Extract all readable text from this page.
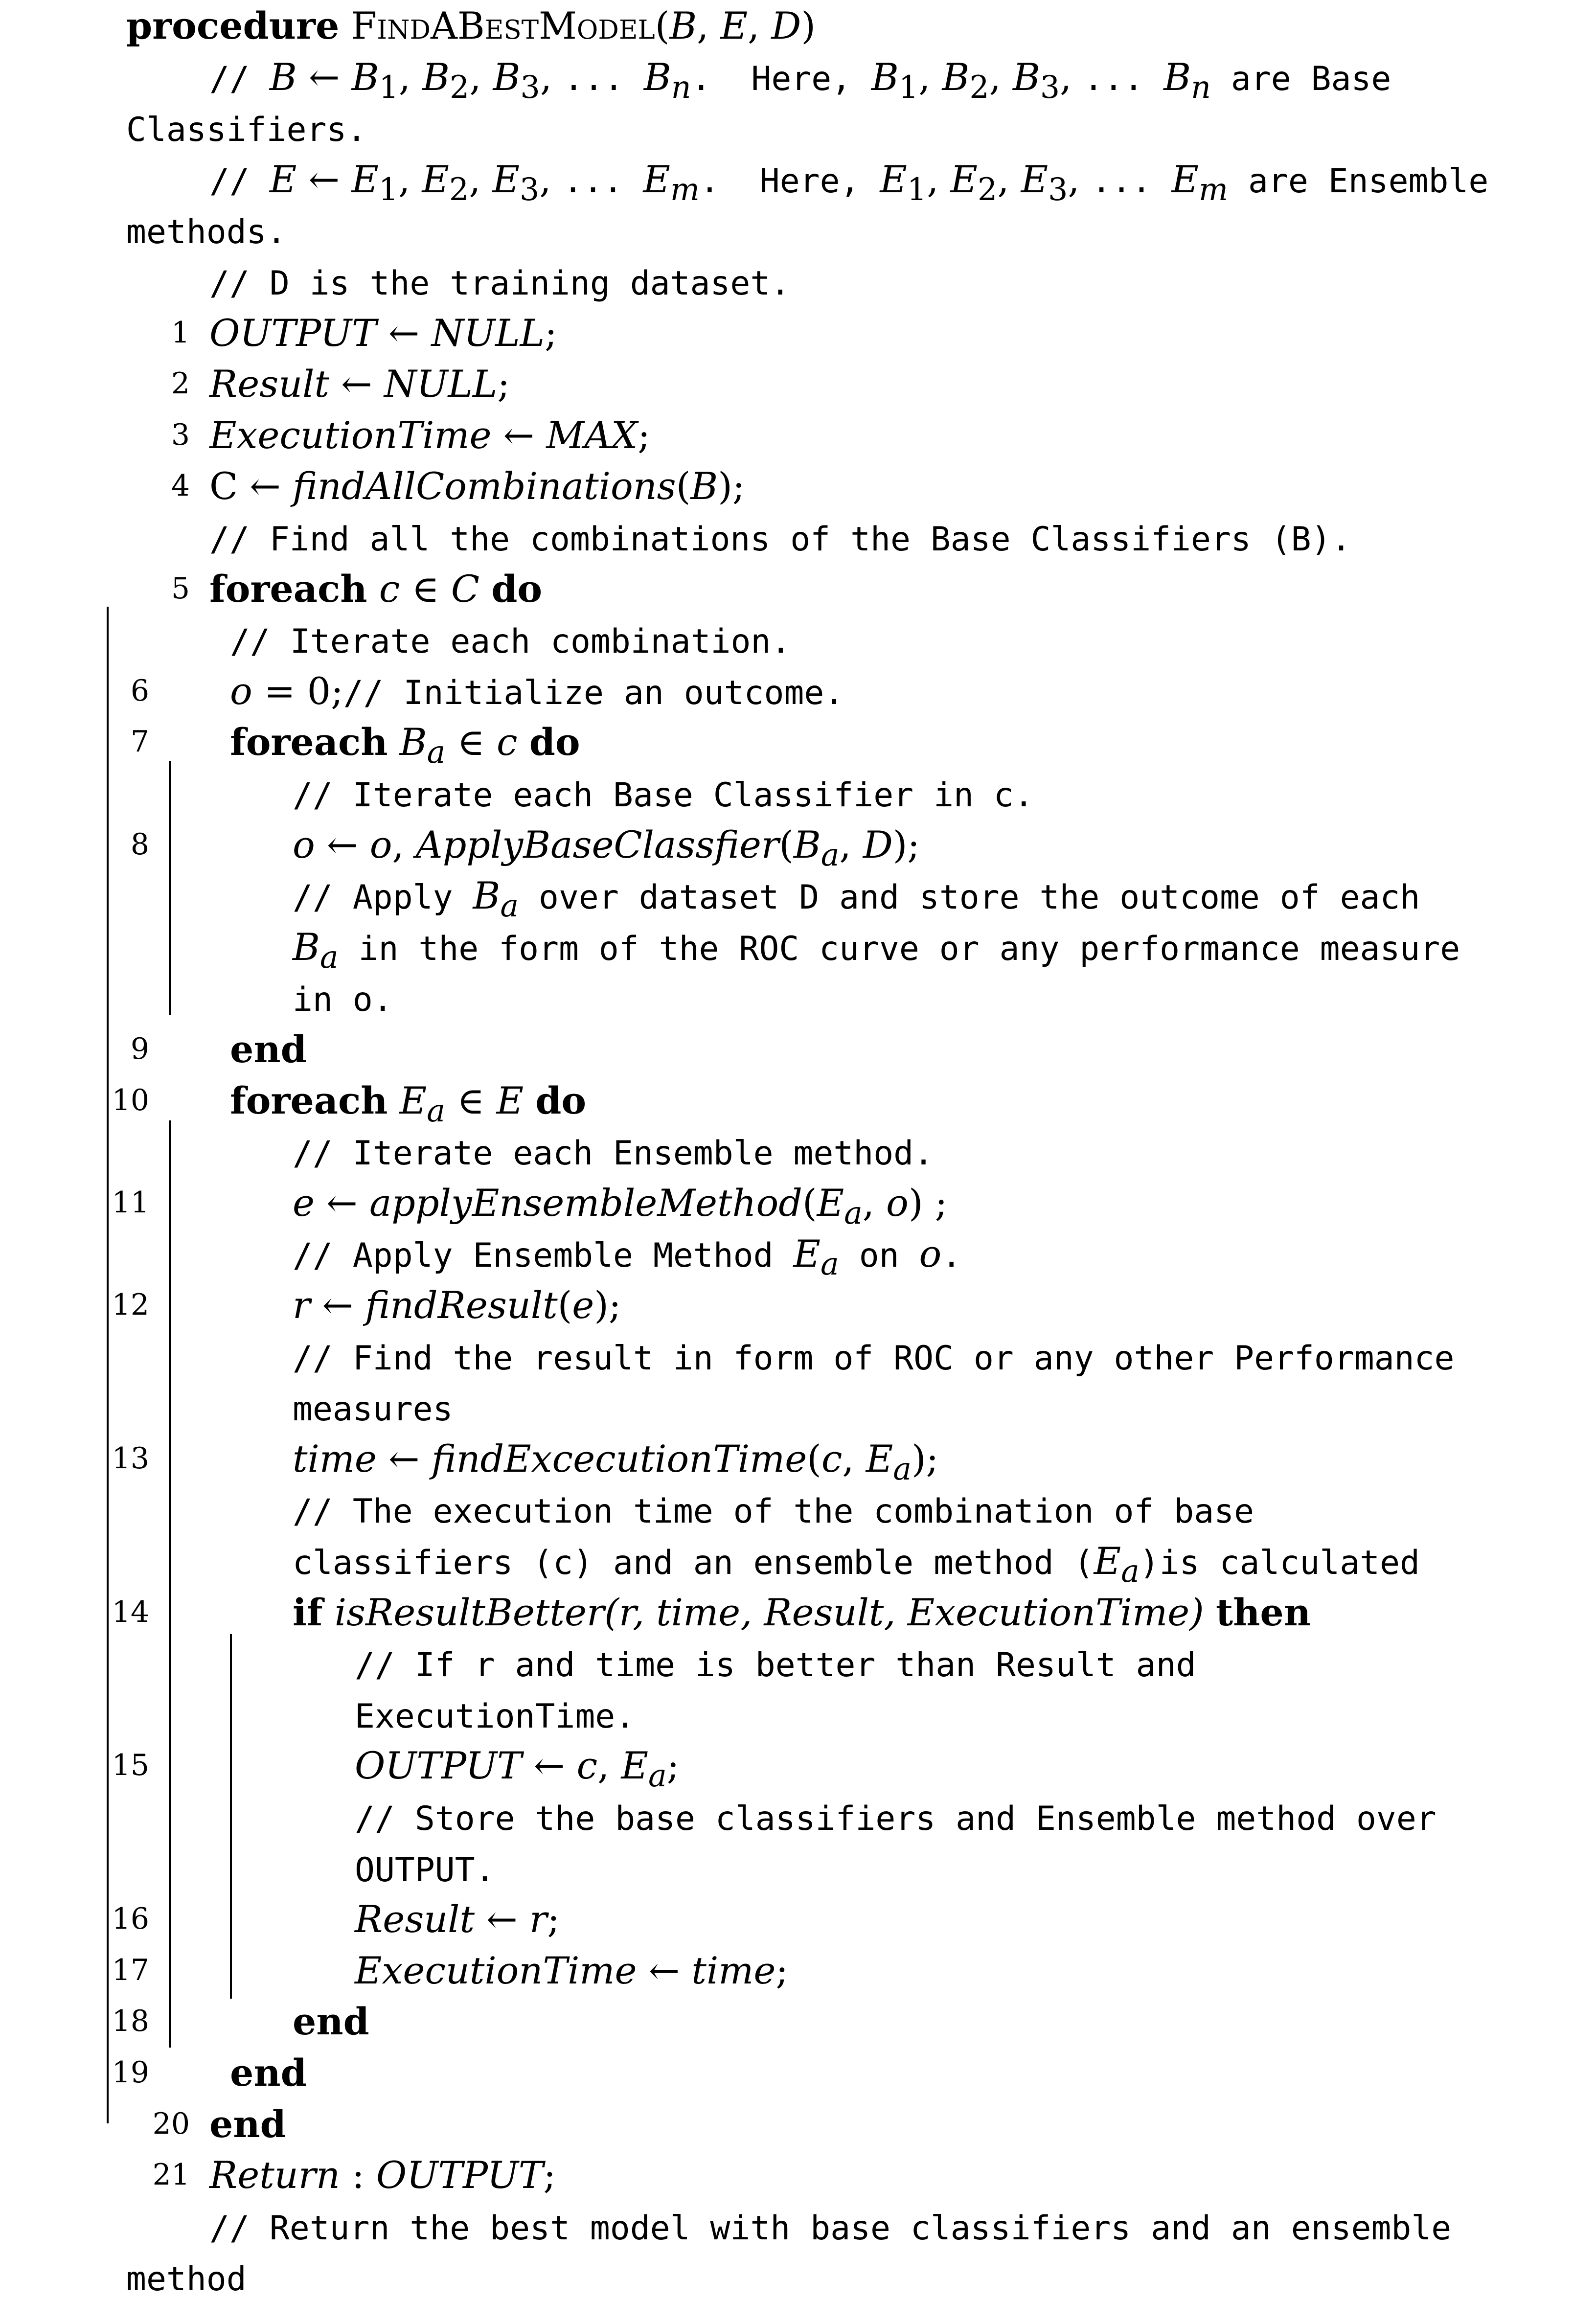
procedure FindABestModel(B, E, D)
// B ← $B_1$, $B_2$, $B_3$, ... $B_n$.  Here, $B_1$, $B_2$, $B_3$, ... $B_n$ are Base
Classifiers.
// E ← $E_1$, $E_2$, $E_3$, ... $E_m$.  Here, $E_1$, $E_2$, $E_3$, ... $E_m$ are Ensemble
methods.
// D is the training dataset.
1 OUTPUT ← NULL;
2 Result ← NULL;
3 ExecutionTime ← MAX;
4 C ← findAllCombinations(B);
// Find all the combinations of the Base Classifiers (B).
5 foreach c ∈ C do
// Iterate each combination.
6 o = 0;// Initialize an outcome.
7 foreach $B_a$ ∈ c do
// Iterate each Base Classifier in c.
8	o ← o, $ApplyBaseClassfier(B_a$, D);
// Apply $B_a$ over dataset D and store the outcome of each
$B_a$ in the form of the ROC curve or any performance measure
in o.
9 end
10 foreach $E_a$ ∈ E do
// Iterate each Ensemble method.
11	e ← $applyEnsembleMethod(E_a$, o) ;
// Apply Ensemble Method $E_a$ on o.
12	r ← findResult(e);
// Find the result in form of ROC or any other Performance
measures
13	time ← findExcecutionTime(c, $E_a$);
// The execution time of the combination of base
classifiers (c) and an ensemble method $(E_a)is$ calculated
14	if isResultBetter(r, time, Result, ExecutionTime) then
// If r and time is better than Result and
ExecutionTime.
15	OUTPUT ← c, $E_a$;
// Store the base classifiers and Ensemble method over
OUTPUT.
16	Result ← r;
17	ExecutionTime ← time;
18	end
19 end
20 end
21 Return : OUTPUT;
// Return the best model with base classifiers and an ensemble
method
